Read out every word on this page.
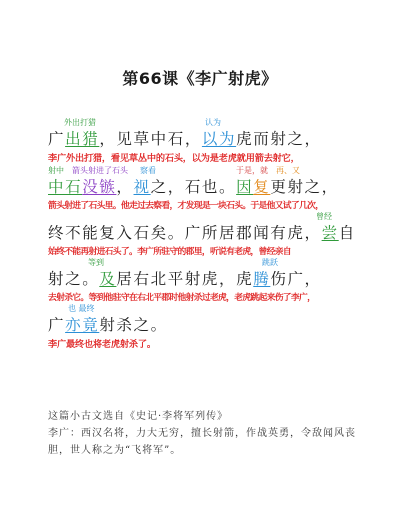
第66课《李广射虎》
外出打猎	认为
广出猎，见草中石，以为虎而射之，
李广外出打猎，看见草丛中的石头，以为是老虎就用箭去射它，
射中 箭头射进了石头 察看	于是，就 再、又
中石没镞，视之，石也。因复更射之，
箭头射进了石头里。他走过去察看，才发现是一块石头。于是他又试了几次，
曾经
终不能复入石矣。广所居郡闻有虎，尝自
始终不能再射进石头了。李广所驻守的郡里，听说有老虎，曾经亲自
等到	跳跃
射之。及居右北平射虎，虎腾伤广，
去射杀它。等到他驻守在右北平郡时他射杀过老虎，老虎跳起来伤了李广，
也 最终
广亦竟射杀之。
李广最终也将老虎射杀了。

这篇小古文选自《史记·李将军列传》

李广：西汉名将，力大无穷，擅长射箭，作战英勇，令敌闻风丧胆，世人称之为“飞将军”。
